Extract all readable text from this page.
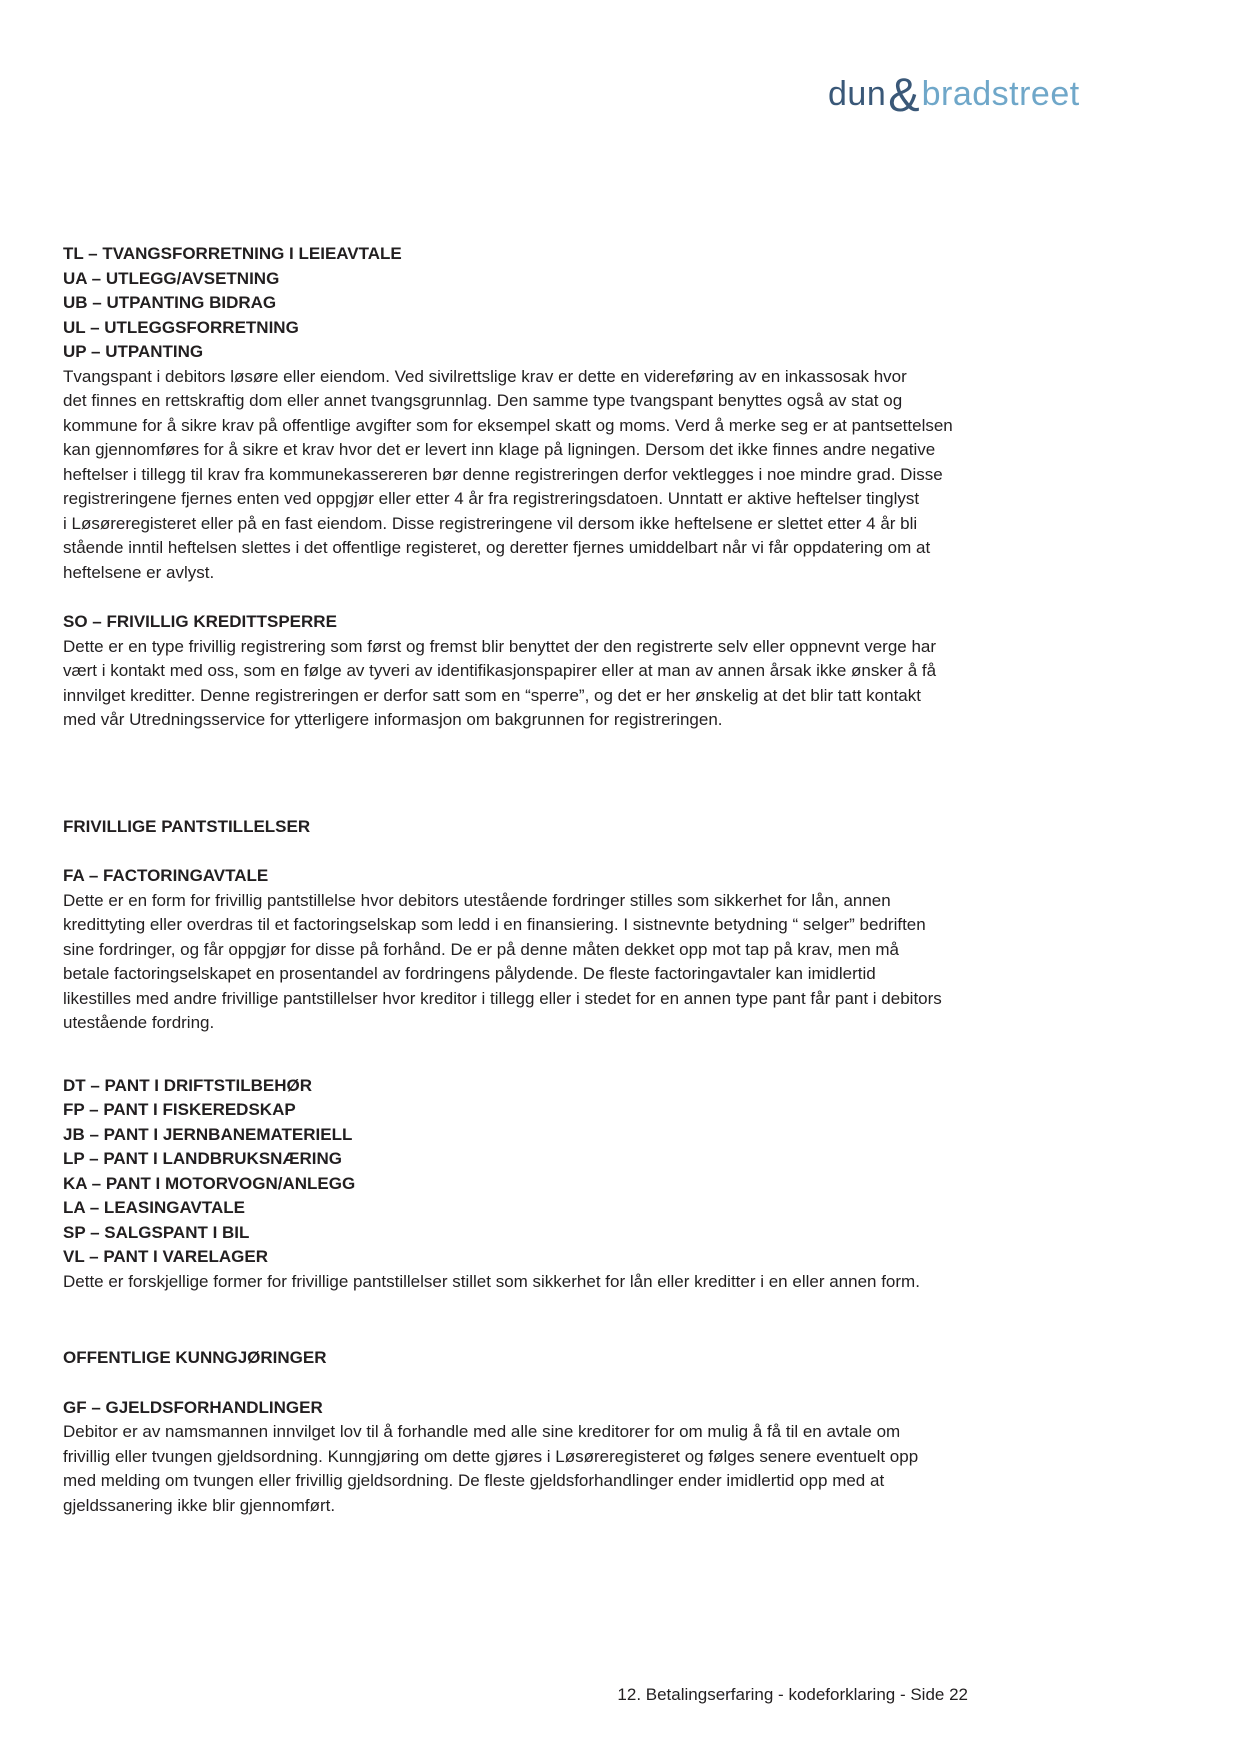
dun & bradstreet
TL – TVANGSFORRETNING I LEIEAVTALE
UA – UTLEGG/AVSETNING
UB – UTPANTING BIDRAG
UL – UTLEGGSFORRETNING
UP – UTPANTING
Tvangspant i debitors løsøre eller eiendom. Ved sivilrettslige krav er dette en videreføring av en inkassosak hvor
det finnes en rettskraftig dom eller annet tvangsgrunnlag. Den samme type tvangspant benyttes også av stat og
kommune for å sikre krav på offentlige avgifter som for eksempel skatt og moms. Verd å merke seg er at pantsettelsen
kan gjennomføres for å sikre et krav hvor det er levert inn klage på ligningen. Dersom det ikke finnes andre negative
heftelser i tillegg til krav fra kommunekassereren bør denne registreringen derfor vektlegges i noe mindre grad. Disse
registreringene fjernes enten ved oppgjør eller etter 4 år fra registreringsdatoen. Unntatt er aktive heftelser tinglyst
i Løsøreregisteret eller på en fast eiendom. Disse registreringene vil dersom ikke heftelsene er slettet etter 4 år bli
stående inntil heftelsen slettes i det offentlige registeret, og deretter fjernes umiddelbart når vi får oppdatering om at
heftelsene er avlyst.
SO – FRIVILLIG KREDITTSPERRE
Dette er en type frivillig registrering som først og fremst blir benyttet der den registrerte selv eller oppnevnt verge har
vært i kontakt med oss, som en følge av tyveri av identifikasjonspapirer eller at man av annen årsak ikke ønsker å få
innvilget kreditter. Denne registreringen er derfor satt som en “sperre”, og det er her ønskelig at det blir tatt kontakt
med vår Utredningsservice for ytterligere informasjon om bakgrunnen for registreringen.
FRIVILLIGE PANTSTILLELSER
FA – FACTORINGAVTALE
Dette er en form for frivillig pantstillelse hvor debitors utestående fordringer stilles som sikkerhet for lån, annen
kredittyting eller overdras til et factoringselskap som ledd i en finansiering. I sistnevnte betydning “ selger” bedriften
sine fordringer, og får oppgjør for disse på forhånd. De er på denne måten dekket opp mot tap på krav, men må
betale factoringselskapet en prosentandel av fordringens pålydende. De fleste factoringavtaler kan imidlertid
likestilles med andre frivillige pantstillelser hvor kreditor i tillegg eller i stedet for en annen type pant får pant i debitors
utestående fordring.
DT – PANT I DRIFTSTILBEHØR
FP – PANT I FISKEREDSKAP
JB – PANT I JERNBANEMATERIELL
LP – PANT I LANDBRUKSNÆRING
KA – PANT I MOTORVOGN/ANLEGG
LA – LEASINGAVTALE
SP – SALGSPANT I BIL
VL – PANT I VARELAGER
Dette er forskjellige former for frivillige pantstillelser stillet som sikkerhet for lån eller kreditter i en eller annen form.
OFFENTLIGE KUNNGJØRINGER
GF – GJELDSFORHANDLINGER
Debitor er av namsmannen innvilget lov til å forhandle med alle sine kreditorer for om mulig å få til en avtale om
frivillig eller tvungen gjeldsordning. Kunngjøring om dette gjøres i Løsøreregisteret og følges senere eventuelt opp
med melding om tvungen eller frivillig gjeldsordning. De fleste gjeldsforhandlinger ender imidlertid opp med at
gjeldssanering ikke blir gjennomført.
12. Betalingserfaring - kodeforklaring - Side 22
